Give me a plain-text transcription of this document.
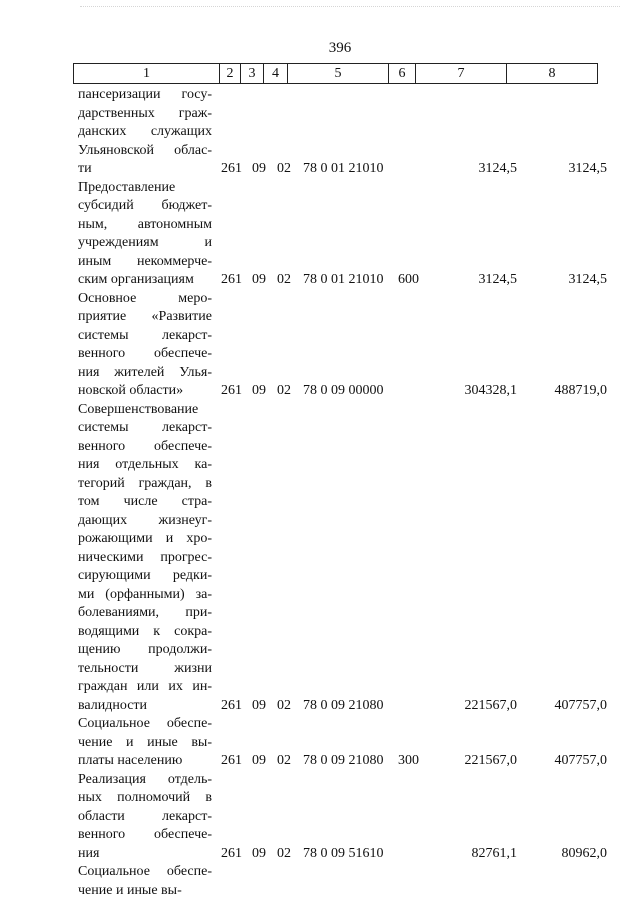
396
1	2	3	4	5	6	7	8
пансеризации госу-
дарственных граж-
данских служащих
Ульяновской облас-
ти	261 09 02 78 0 01 21010	3124,5	3124,5
Предоставление
субсидий бюджет-
ным, автономным
учреждениям и
иным некоммерче-
ским организациям	261 09 02 78 0 01 21010 600	3124,5	3124,5
Основное меро-
приятие «Развитие
системы лекарст-
венного обеспече-
ния жителей Улья-
новской области»	261 09 02 78 0 09 00000	304328,1	488719,0
Совершенствование
системы лекарст-
венного обеспече-
ния отдельных ка-
тегорий граждан, в
том числе стра-
дающих жизнеуг-
рожающими и хро-
ническими прогрес-
сирующими редки-
ми (орфанными) за-
болеваниями, при-
водящими к сокра-
щению продолжи-
тельности жизни
граждан или их ин-
валидности	261 09 02 78 0 09 21080	221567,0	407757,0
Социальное обеспе-
чение и иные вы-
платы населению	261 09 02 78 0 09 21080 300	221567,0	407757,0
Реализация отдель-
ных полномочий в
области лекарст-
венного обеспече-
ния	261 09 02 78 0 09 51610	82761,1	80962,0
Социальное обеспе-
чение и иные вы-
